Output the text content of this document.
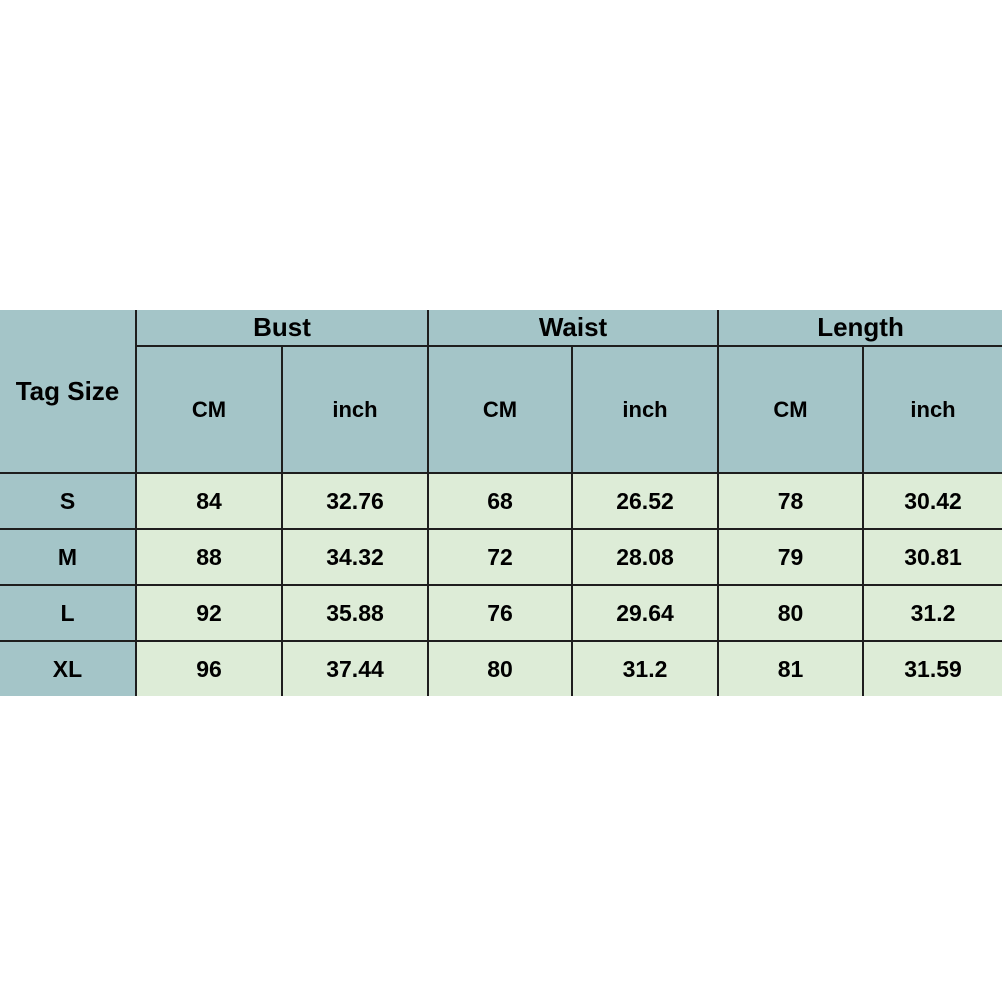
Tag Size	Bust		Waist		Length	
	CM	inch	CM	inch	CM	inch
S	84	32.76	68	26.52	78	30.42
M	88	34.32	72	28.08	79	30.81
L	92	35.88	76	29.64	80	31.2
XL	96	37.44	80	31.2	81	31.59
